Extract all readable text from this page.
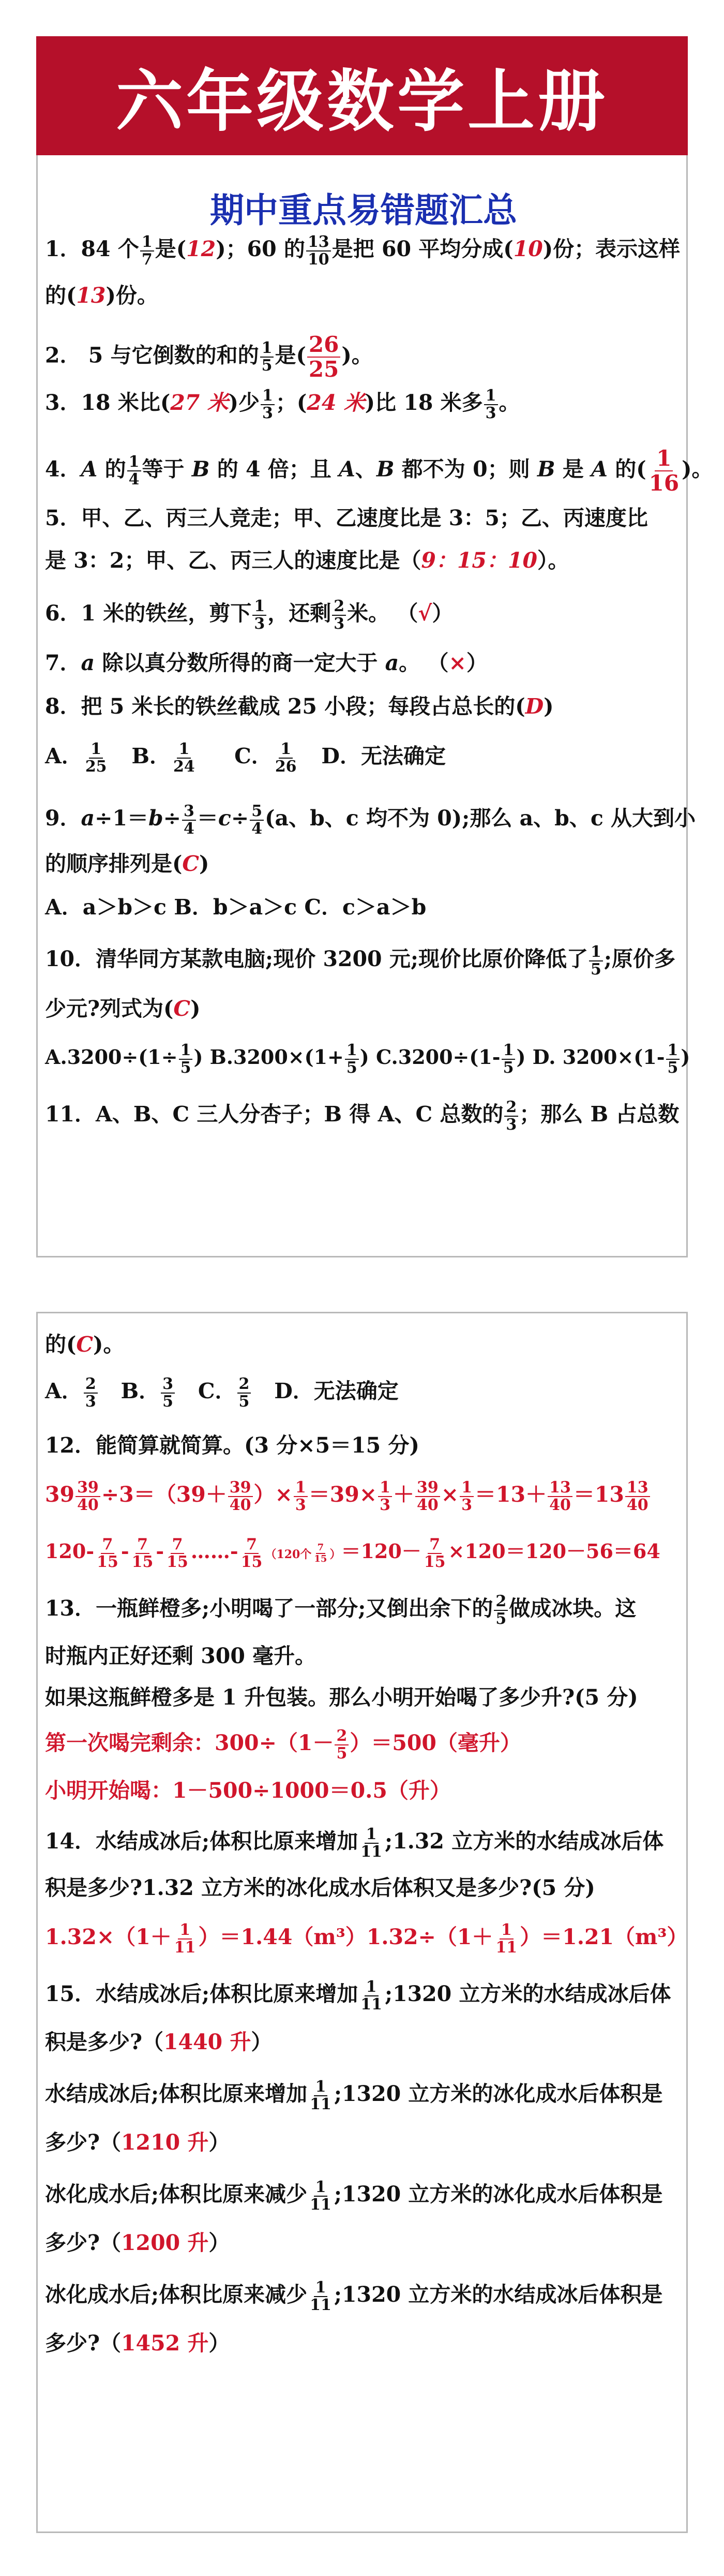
期中重点易错题汇总
1．84 个 $\frac{1}{7}$ 是(12)；60 的 $\frac{13}{10}$ 是把 60 平均分成(10)份；表示这样
的(13)份。
2． 5 与它倒数的和的 $\frac{1}{5}$ 是( $\frac{26}{25}$ )。
3．18 米比(27 米)少 $\frac{1}{3}$ ；(24 米)比 18 米多 $\frac{1}{3}$ 。
4．A 的 $\frac{1}{4}$ 等于 B 的 4 倍；且 A、B 都不为 0；则 B 是 A 的( $\frac{1}{16}$ )。
5．甲、乙、丙三人竞走；甲、乙速度比是 3：5；乙、丙速度比
是 3：2；甲、乙、丙三人的速度比是（9：15：10）。
6．1 米的铁丝，剪下 $\frac{1}{3}$ ，还剩 $\frac{2}{3}$ 米。 （√）
7．a 除以真分数所得的商一定大于 a。 （×）
8．把 5 米长的铁丝截成 25 小段；每段占总长的(D)
A． $\frac{1}{25}$ B． $\frac{1}{24}$ C． $\frac{1}{26}$ D．无法确定
9．$a\div 1=b\div \frac{3}{4} =c\div \frac{5}{4} (a$、b、c 均不为 0);那么 a、b、c 从大到小
的顺序排列是(C)
A．a＞b＞c B．b＞a＞c C．c＞a＞b
10．清华同方某款电脑;现价 3200 元;现价比原价降低了 $\frac{1}{5}$ ;原价多
少元?列式为(C)
$A.3200\div(1\div \frac{1}{5}$ ) $B.3200\times(1+ \frac{1}{5}$ ) $C.3200\div(1- \frac{1}{5}$ ) D. $3200\times(1- \frac{1}{5}$ )
11．A、B、C 三人分杏子；B 得 A、C 总数的 $\frac{2}{3}$ ；那么 B 占总数
六年级数学上册
的(C)。
A． $\frac{2}{3}$ B． $\frac{3}{5}$ C． $\frac{2}{5}$ D．无法确定
12．能简算就简算。(3 分×5＝15 分)
$39 \frac{39}{40} \div 3=(39+ \frac{39}{40}$ ）× $\frac{1}{3} =39\times \frac{1}{3} + \frac{39}{40} \times \frac{1}{3} =13+ \frac{13}{40} =13 \frac{13}{40}$
$120- \frac{7}{15} - \frac{7}{15} - \frac{7}{15}$ ……- $\frac{7}{15} (120$个 $\frac{7}{15} )=120- \frac{7}{15} \times 120=120-56=64$
13．一瓶鲜橙多;小明喝了一部分;又倒出余下的 $\frac{2}{5}$ 做成冰块。这
时瓶内正好还剩 300 毫升。
如果这瓶鲜橙多是 1 升包装。那么小明开始喝了多少升?(5 分)
第一次喝完剩余：$300\div(1- \frac{2}{5} )=500$（毫升）
小明开始喝：1－500÷1000＝0.5（升）
14．水结成冰后;体积比原来增加 $\frac{1}{11}$ ;1.32 立方米的水结成冰后体
积是多少?1.32 立方米的冰化成水后体积又是多少?(5 分)
$1.32\times(1+ \frac{1}{11} )=1.44(m^3)1.32\div(1+ \frac{1}{11} )=1.21(m^3)$
15．水结成冰后;体积比原来增加 $\frac{1}{11}$ ;1320 立方米的水结成冰后体
积是多少?（1440 升）
水结成冰后;体积比原来增加 $\frac{1}{11}$ ;1320 立方米的冰化成水后体积是
多少?（1210 升）
冰化成水后;体积比原来减少 $\frac{1}{11}$ ;1320 立方米的冰化成水后体积是
多少?（1200 升）
冰化成水后;体积比原来减少 $\frac{1}{11}$ ;1320 立方米的水结成冰后体积是
多少?（1452 升）
